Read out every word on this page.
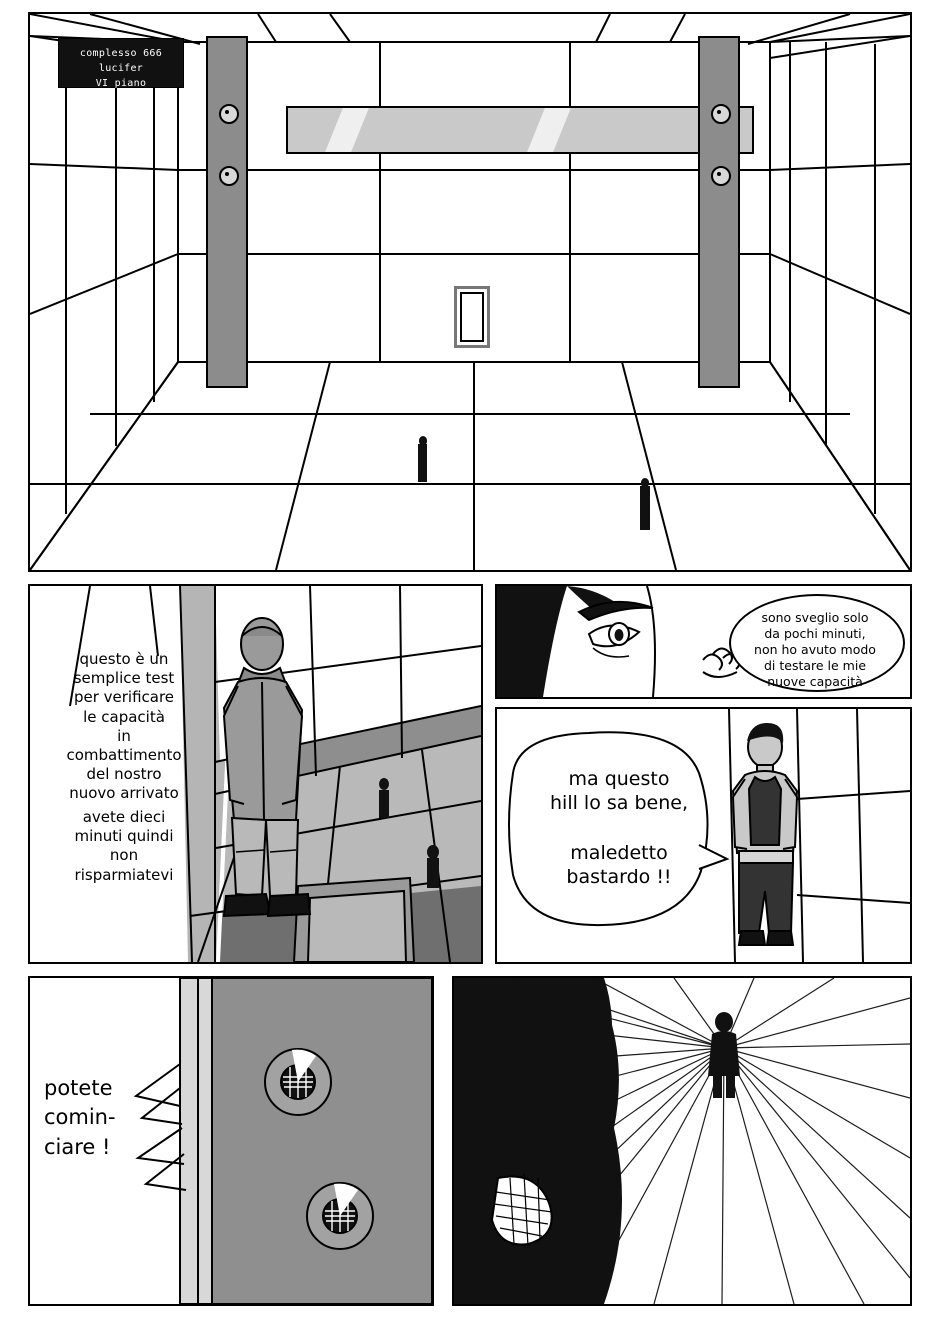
complesso 666 lucifer
VI piano
questo è un
semplice test
per verificare
le capacità
in
combattimento
del nostro
nuovo arrivato
avete dieci
minuti quindi
non
risparmiatevi
sono sveglio solo
da pochi minuti,
non ho avuto modo
di testare le mie
nuove capacità
ma questo
hill lo sa bene,
maledetto
bastardo !!
potete
comin-
ciare !
